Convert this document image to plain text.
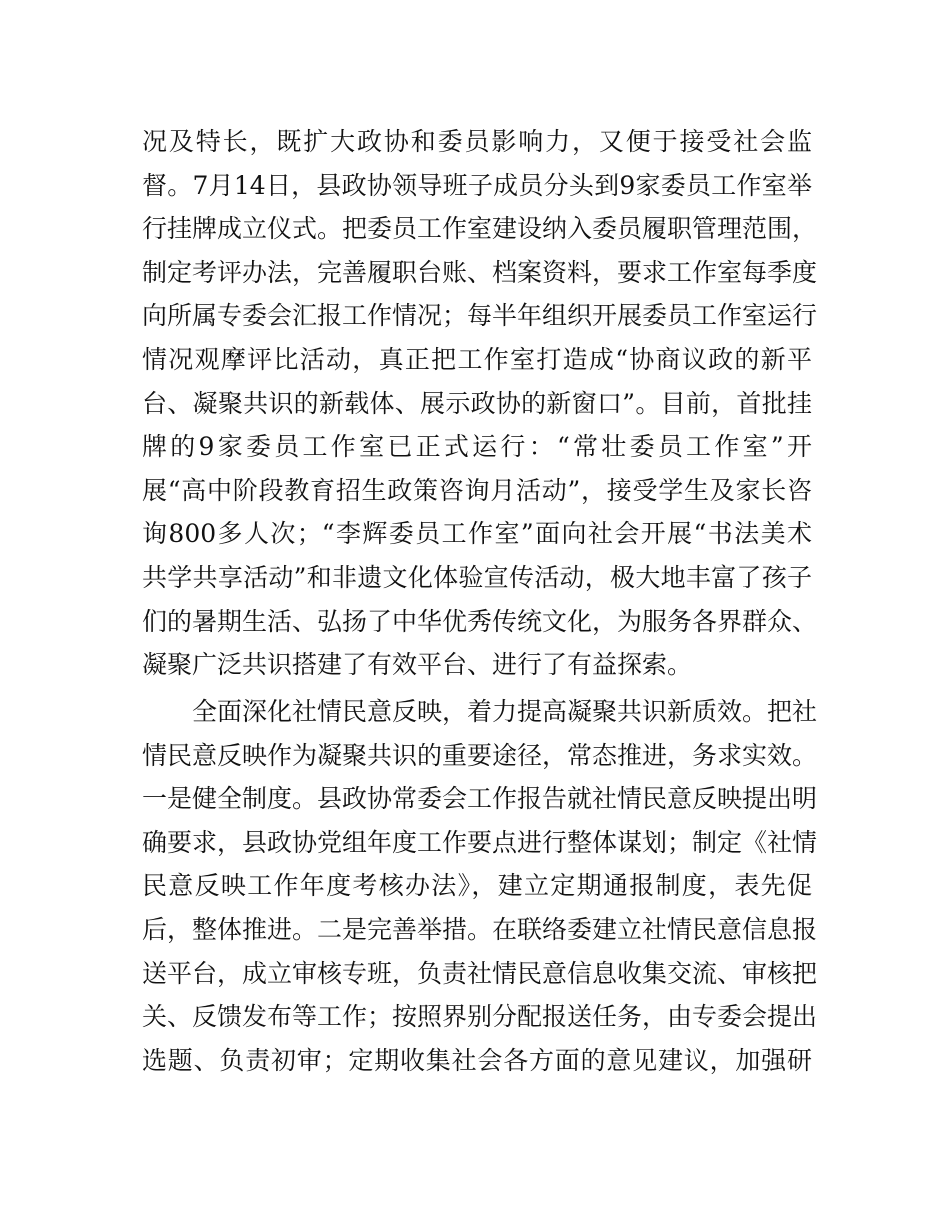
况及特长，既扩大政协和委员影响力，又便于接受社会监
督。7月14日，县政协领导班子成员分头到9家委员工作室举
行挂牌成立仪式。把委员工作室建设纳入委员履职管理范围，
制定考评办法，完善履职台账、档案资料，要求工作室每季度
向所属专委会汇报工作情况；每半年组织开展委员工作室运行
情况观摩评比活动，真正把工作室打造成“协商议政的新平
台、凝聚共识的新载体、展示政协的新窗口”。目前，首批挂
牌的9家委员工作室已正式运行：“常壮委员工作室”开
展“高中阶段教育招生政策咨询月活动”，接受学生及家长咨
询800多人次；“李辉委员工作室”面向社会开展“书法美术
共学共享活动”和非遗文化体验宣传活动，极大地丰富了孩子
们的暑期生活、弘扬了中华优秀传统文化，为服务各界群众、
凝聚广泛共识搭建了有效平台、进行了有益探索。
全面深化社情民意反映，着力提高凝聚共识新质效。把社
情民意反映作为凝聚共识的重要途径，常态推进，务求实效。
一是健全制度。县政协常委会工作报告就社情民意反映提出明
确要求，县政协党组年度工作要点进行整体谋划；制定《社情
民意反映工作年度考核办法》，建立定期通报制度，表先促
后，整体推进。二是完善举措。在联络委建立社情民意信息报
送平台，成立审核专班，负责社情民意信息收集交流、审核把
关、反馈发布等工作；按照界别分配报送任务，由专委会提出
选题、负责初审；定期收集社会各方面的意见建议，加强研
